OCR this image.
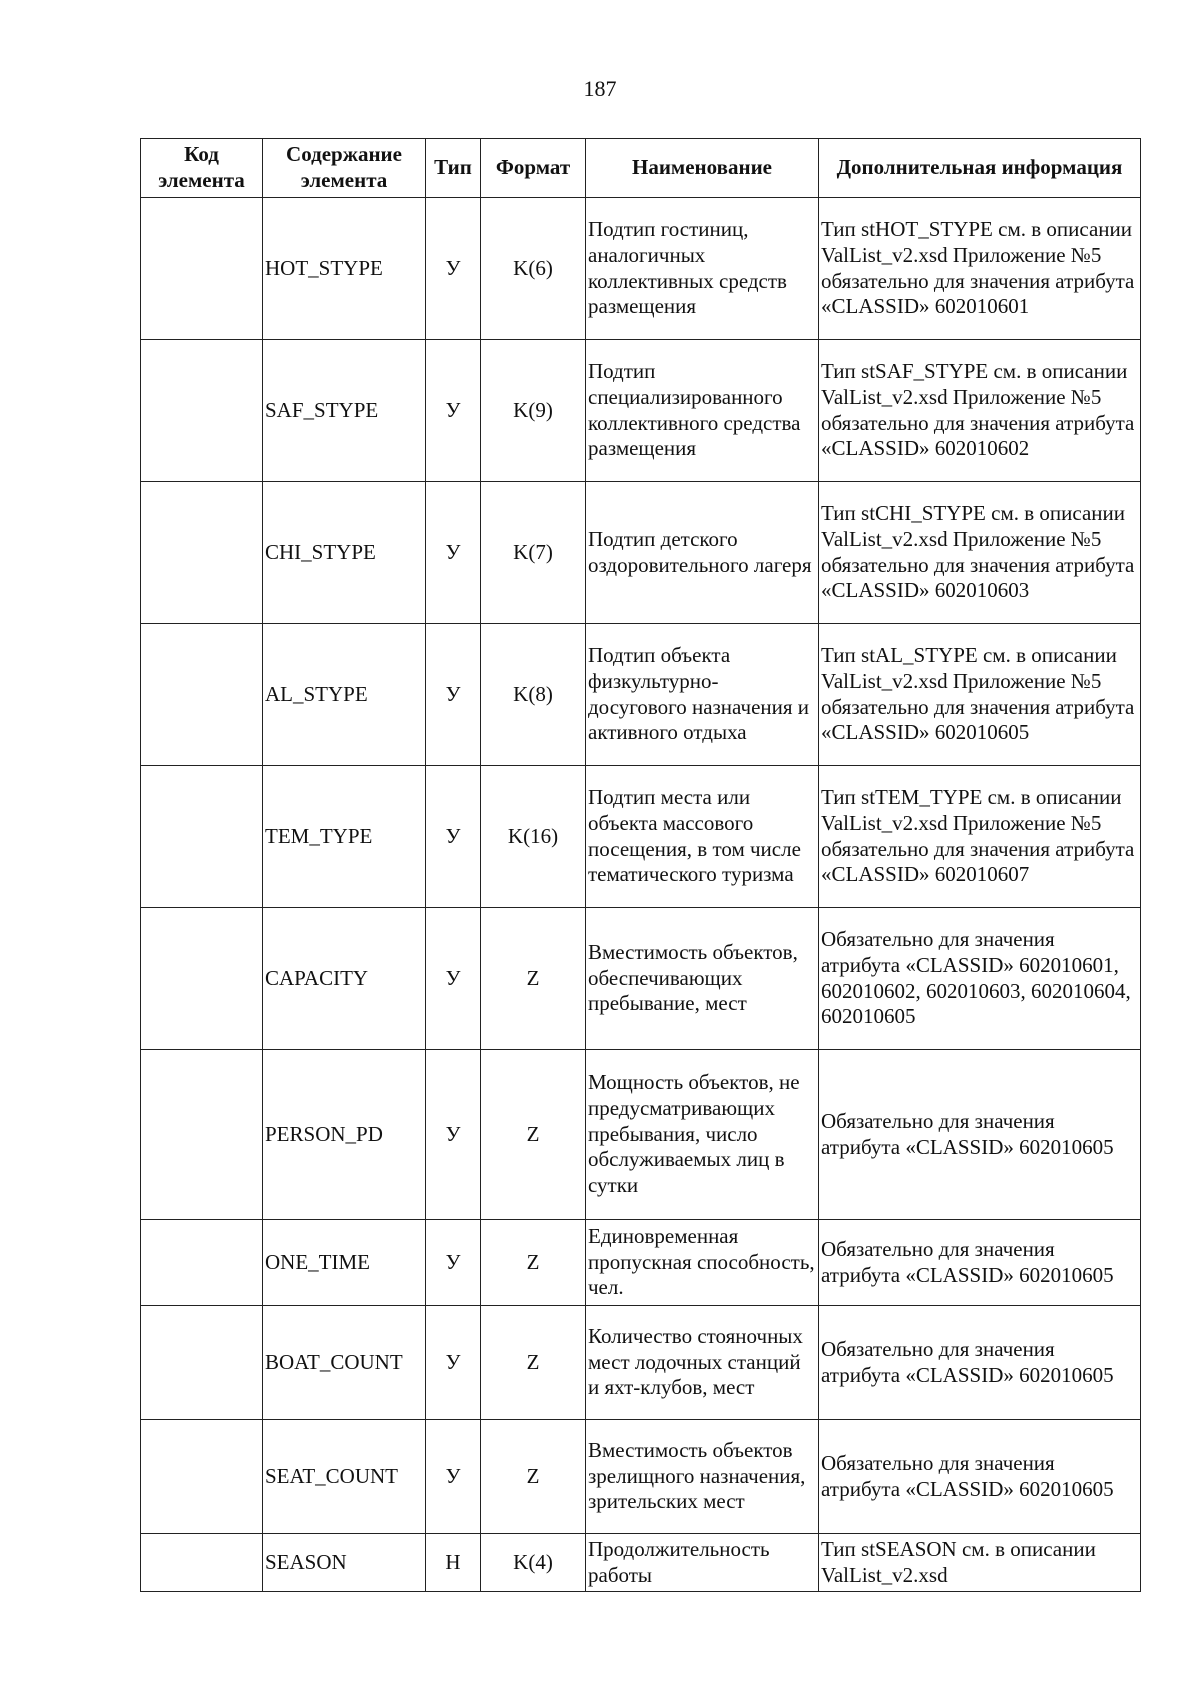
187
Код элемента	Содержание элемента	Тип	Формат	Наименование	Дополнительная информация
	HOT_STYPE	У	K(6)	Подтип гостиниц, аналогичных коллективных средств размещения	Тип stHOT_STYPE см. в описании ValList_v2.xsd Приложение №5 обязательно для значения атрибута «CLASSID» 602010601
	SAF_STYPE	У	K(9)	Подтип специализированного коллективного средства размещения	Тип stSAF_STYPE см. в описании ValList_v2.xsd Приложение №5 обязательно для значения атрибута «CLASSID» 602010602
	CHI_STYPE	У	K(7)	Подтип детского оздоровительного лагеря	Тип stCHI_STYPE см. в описании ValList_v2.xsd Приложение №5 обязательно для значения атрибута «CLASSID» 602010603
	AL_STYPE	У	K(8)	Подтип объекта физкультурно-досугового назначения и активного отдыха	Тип stAL_STYPE см. в описании ValList_v2.xsd Приложение №5 обязательно для значения атрибута «CLASSID» 602010605
	TEM_TYPE	У	K(16)	Подтип места или объекта массового посещения, в том числе тематического туризма	Тип stTEM_TYPE см. в описании ValList_v2.xsd Приложение №5 обязательно для значения атрибута «CLASSID» 602010607
	CAPACITY	У	Z	Вместимость объектов, обеспечивающих пребывание, мест	Обязательно для значения атрибута «CLASSID» 602010601, 602010602, 602010603, 602010604, 602010605
	PERSON_PD	У	Z	Мощность объектов, не предусматривающих пребывания, число обслуживаемых лиц в сутки	Обязательно для значения атрибута «CLASSID» 602010605
	ONE_TIME	У	Z	Единовременная пропускная способность, чел.	Обязательно для значения атрибута «CLASSID» 602010605
	BOAT_COUNT	У	Z	Количество стояночных мест лодочных станций и яхт-клубов, мест	Обязательно для значения атрибута «CLASSID» 602010605
	SEAT_COUNT	У	Z	Вместимость объектов зрелищного назначения, зрительских мест	Обязательно для значения атрибута «CLASSID» 602010605
	SEASON	Н	K(4)	Продолжительность работы	Тип stSEASON см. в описании ValList_v2.xsd
